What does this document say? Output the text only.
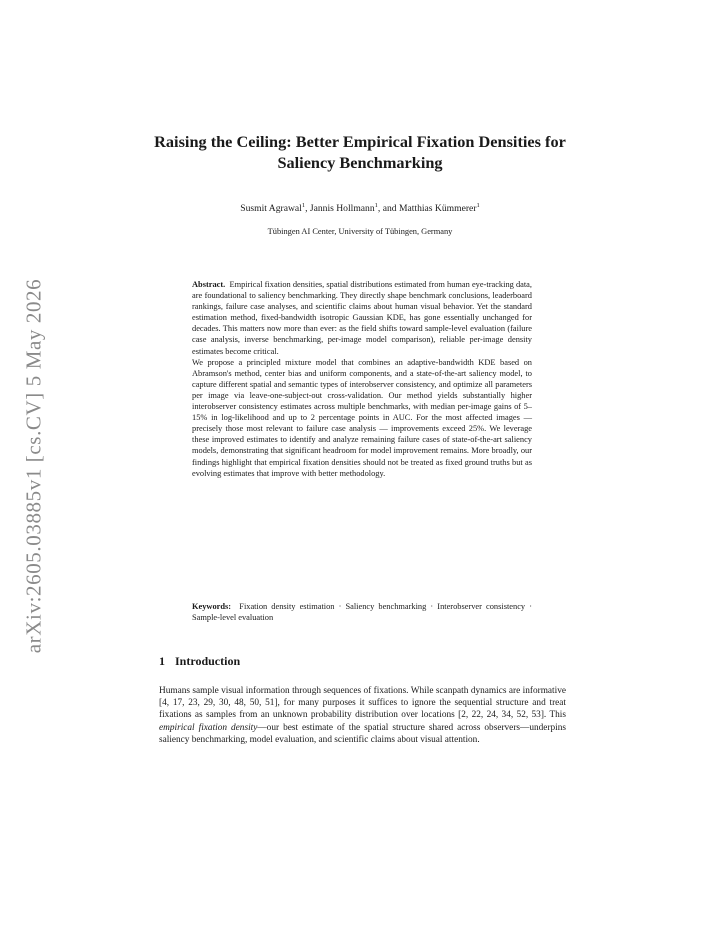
arXiv:2605.03885v1 [cs.CV] 5 May 2026
Raising the Ceiling: Better Empirical Fixation Densities for Saliency Benchmarking
Susmit Agrawal$^1$, Jannis Hollmann$^1$, and Matthias Kümmerer$^1$
Tübingen AI Center, University of Tübingen, Germany

Abstract. Empirical fixation densities, spatial distributions estimated from human eye-tracking data, are foundational to saliency benchmarking. They directly shape benchmark conclusions, leaderboard rankings, failure case analyses, and scientific claims about human visual behavior. Yet the standard estimation method, fixed-bandwidth isotropic Gaussian KDE, has gone essentially unchanged for decades. This matters now more than ever: as the field shifts toward sample-level evaluation (failure case analysis, inverse benchmarking, per-image model comparison), reliable per-image density estimates become critical.

We propose a principled mixture model that combines an adaptive-bandwidth KDE based on Abramson's method, center bias and uniform components, and a state-of-the-art saliency model, to capture different spatial and semantic types of interobserver consistency, and optimize all parameters per image via leave-one-subject-out cross-validation. Our method yields substantially higher interobserver consistency estimates across multiple benchmarks, with median per-image gains of 5–15% in log-likelihood and up to 2 percentage points in AUC. For the most affected images — precisely those most relevant to failure case analysis — improvements exceed 25%. We leverage these improved estimates to identify and analyze remaining failure cases of state-of-the-art saliency models, demonstrating that significant headroom for model improvement remains. More broadly, our findings highlight that empirical fixation densities should not be treated as fixed ground truths but as evolving estimates that improve with better methodology.

Keywords: Fixation density estimation · Saliency benchmarking · Interobserver consistency · Sample-level evaluation
1 Introduction

Humans sample visual information through sequences of fixations. While scanpath dynamics are informative [4, 17, 23, 29, 30, 48, 50, 51], for many purposes it suffices to ignore the sequential structure and treat fixations as samples from an unknown probability distribution over locations [2, 22, 24, 34, 52, 53]. This empirical fixation density—our best estimate of the spatial structure shared across observers—underpins saliency benchmarking, model evaluation, and scientific claims about visual attention.
